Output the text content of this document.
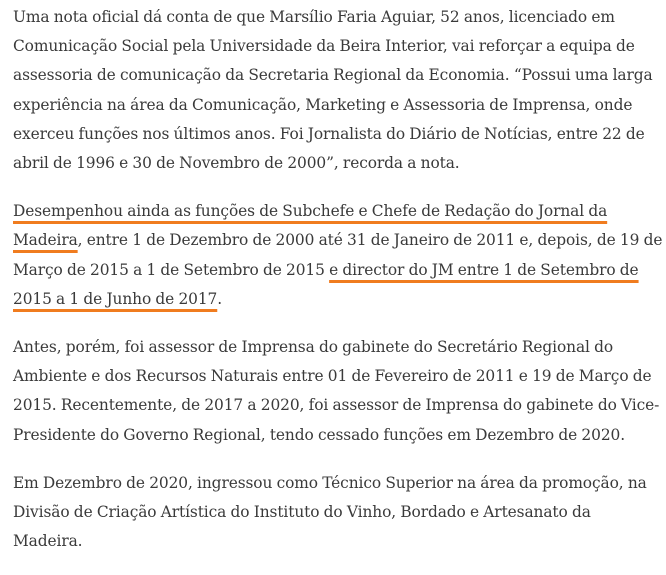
Uma nota oficial dá conta de que Marsílio Faria Aguiar, 52 anos, licenciado em Comunicação Social pela Universidade da Beira Interior, vai reforçar a equipa de assessoria de comunicação da Secretaria Regional da Economia. “Possui uma larga experiência na área da Comunicação, Marketing e Assessoria de Imprensa, onde exerceu funções nos últimos anos. Foi Jornalista do Diário de Notícias, entre 22 de abril de 1996 e 30 de Novembro de 2000”, recorda a nota.

Desempenhou ainda as funções de Subchefe e Chefe de Redação do Jornal da Madeira, entre 1 de Dezembro de 2000 até 31 de Janeiro de 2011 e, depois, de 19 de Março de 2015 a 1 de Setembro de 2015 e director do JM entre 1 de Setembro de 2015 a 1 de Junho de 2017.

Antes, porém, foi assessor de Imprensa do gabinete do Secretário Regional do Ambiente e dos Recursos Naturais entre 01 de Fevereiro de 2011 e 19 de Março de 2015. Recentemente, de 2017 a 2020, foi assessor de Imprensa do gabinete do Vice-Presidente do Governo Regional, tendo cessado funções em Dezembro de 2020.

Em Dezembro de 2020, ingressou como Técnico Superior na área da promoção, na Divisão de Criação Artística do Instituto do Vinho, Bordado e Artesanato da Madeira.
